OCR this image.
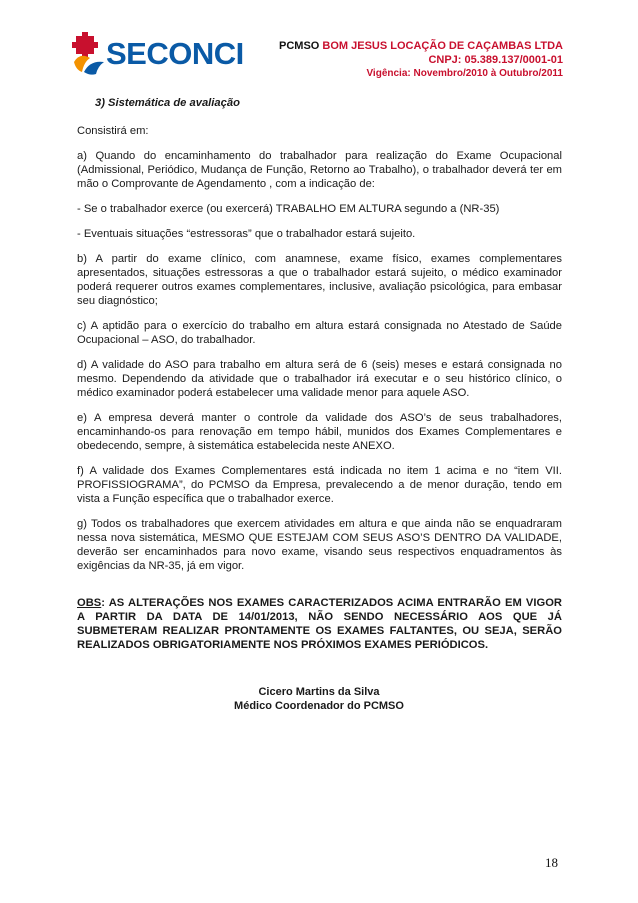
SECONCI	PCMSO BOM JESUS LOCAÇÃO DE CAÇAMBAS LTDA
CNPJ: 05.389.137/0001-01
Vigência: Novembro/2010 à Outubro/2011
3) Sistemática de avaliação

Consistirá em:

a) Quando do encaminhamento do trabalhador para realização do Exame Ocupacional (Admissional, Periódico, Mudança de Função, Retorno ao Trabalho), o trabalhador deverá ter em mão o Comprovante de Agendamento , com a indicação de:

- Se o trabalhador exerce (ou exercerá) TRABALHO EM ALTURA segundo a (NR-35)

- Eventuais situações “estressoras” que o trabalhador estará sujeito.

b) A partir do exame clínico, com anamnese, exame físico, exames complementares apresentados, situações estressoras a que o trabalhador estará sujeito, o médico examinador poderá requerer outros exames complementares, inclusive, avaliação psicológica, para embasar seu diagnóstico;

c) A aptidão para o exercício do trabalho em altura estará consignada no Atestado de Saúde Ocupacional – ASO, do trabalhador.

d) A validade do ASO para trabalho em altura será de 6 (seis) meses e estará consignada no mesmo. Dependendo da atividade que o trabalhador irá executar e o seu histórico clínico, o médico examinador poderá estabelecer uma validade menor para aquele ASO.

e) A empresa deverá manter o controle da validade dos ASO’s de seus trabalhadores, encaminhando-os para renovação em tempo hábil, munidos dos Exames Complementares e obedecendo, sempre, à sistemática estabelecida neste ANEXO.

f) A validade dos Exames Complementares está indicada no item 1 acima e no “item VII. PROFISSIOGRAMA”, do PCMSO da Empresa, prevalecendo a de menor duração, tendo em vista a Função específica que o trabalhador exerce.

g) Todos os trabalhadores que exercem atividades em altura e que ainda não se enquadraram nessa nova sistemática, MESMO QUE ESTEJAM COM SEUS ASO’S DENTRO DA VALIDADE, deverão ser encaminhados para novo exame, visando seus respectivos enquadramentos às exigências da NR-35, já em vigor.

OBS: AS ALTERAÇÕES NOS EXAMES CARACTERIZADOS ACIMA ENTRARÃO EM VIGOR A PARTIR DA DATA DE 14/01/2013, NÃO SENDO NECESSÁRIO AOS QUE JÁ SUBMETERAM REALIZAR PRONTAMENTE OS EXAMES FALTANTES, OU SEJA, SERÃO REALIZADOS OBRIGATORIAMENTE NOS PRÓXIMOS EXAMES PERIÓDICOS.

Cicero Martins da Silva
Médico Coordenador do PCMSO
18
